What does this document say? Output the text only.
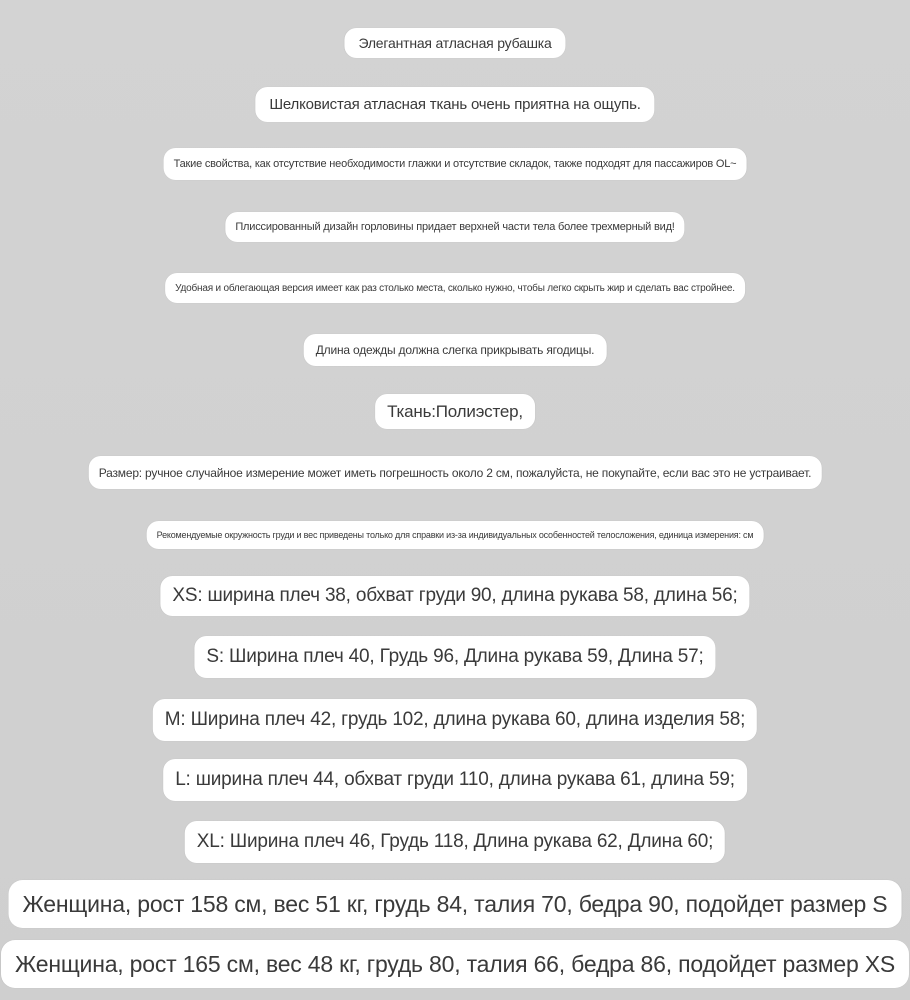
Элегантная атласная рубашка
Шелковистая атласная ткань очень приятна на ощупь.
Такие свойства, как отсутствие необходимости глажки и отсутствие складок, также подходят для пассажиров OL~
Плиссированный дизайн горловины придает верхней части тела более трехмерный вид!
Удобная и облегающая версия имеет как раз столько места, сколько нужно, чтобы легко скрыть жир и сделать вас стройнее.
Длина одежды должна слегка прикрывать ягодицы.
Ткань:Полиэстер,
Размер: ручное случайное измерение может иметь погрешность около 2 см, пожалуйста, не покупайте, если вас это не устраивает.
Рекомендуемые окружность груди и вес приведены только для справки из-за индивидуальных особенностей телосложения, единица измерения: см
XS: ширина плеч 38, обхват груди 90, длина рукава 58, длина 56;
S: Ширина плеч 40, Грудь 96, Длина рукава 59, Длина 57;
M: Ширина плеч 42, грудь 102, длина рукава 60, длина изделия 58;
L: ширина плеч 44, обхват груди 110, длина рукава 61, длина 59;
XL: Ширина плеч 46, Грудь 118, Длина рукава 62, Длина 60;
Женщина, рост 158 см, вес 51 кг, грудь 84, талия 70, бедра 90, подойдет размер S
Женщина, рост 165 см, вес 48 кг, грудь 80, талия 66, бедра 86, подойдет размер XS
